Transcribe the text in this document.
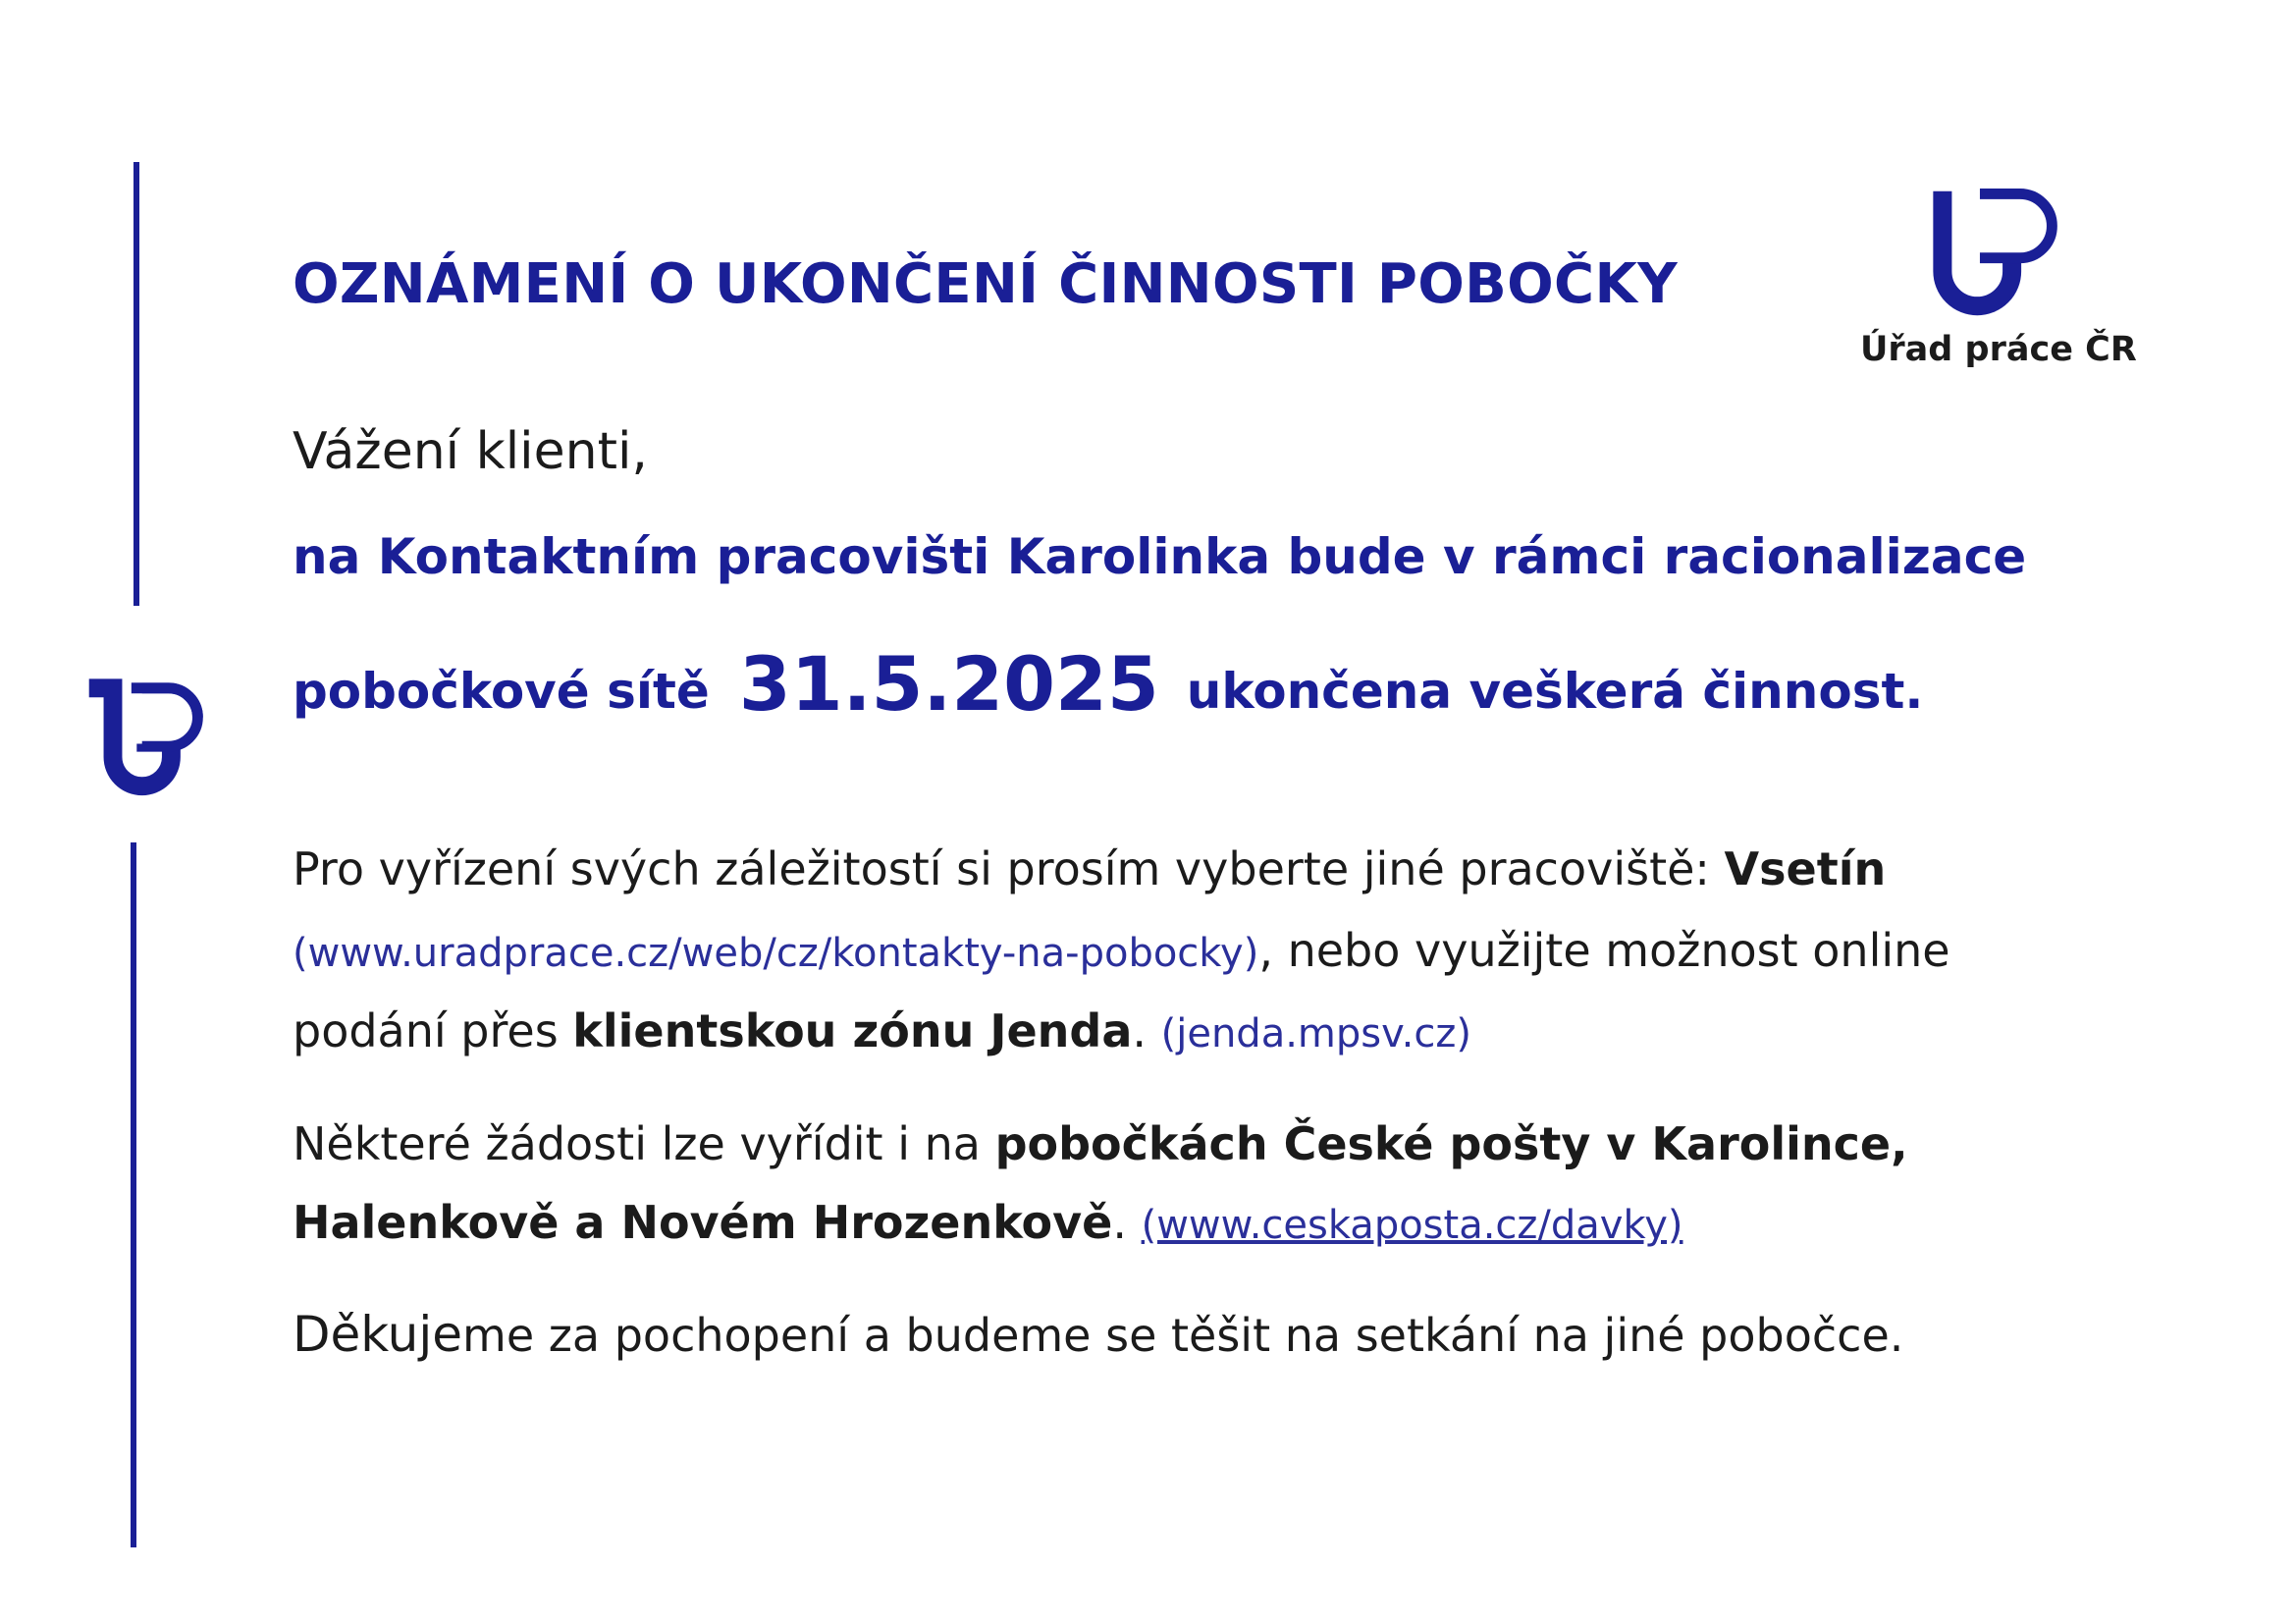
Úřad práce ČR
OZNÁMENÍ O UKONČENÍ ČINNOSTI POBOČKY
Vážení klienti,
na Kontaktním pracovišti Karolinka bude v rámci racionalizace
pobočkové sítě 31.5.2025 ukončena veškerá činnost.
Pro vyřízení svých záležitostí si prosím vyberte jiné pracoviště: Vsetín
(www.uradprace.cz/web/cz/kontakty-na-pobocky), nebo využijte možnost online
podání přes klientskou zónu Jenda. (jenda.mpsv.cz)
Některé žádosti lze vyřídit i na pobočkách České pošty v Karolince,
Halenkově a Novém Hrozenkově. (www.ceskaposta.cz/davky)
Děkujeme za pochopení a budeme se těšit na setkání na jiné pobočce.
